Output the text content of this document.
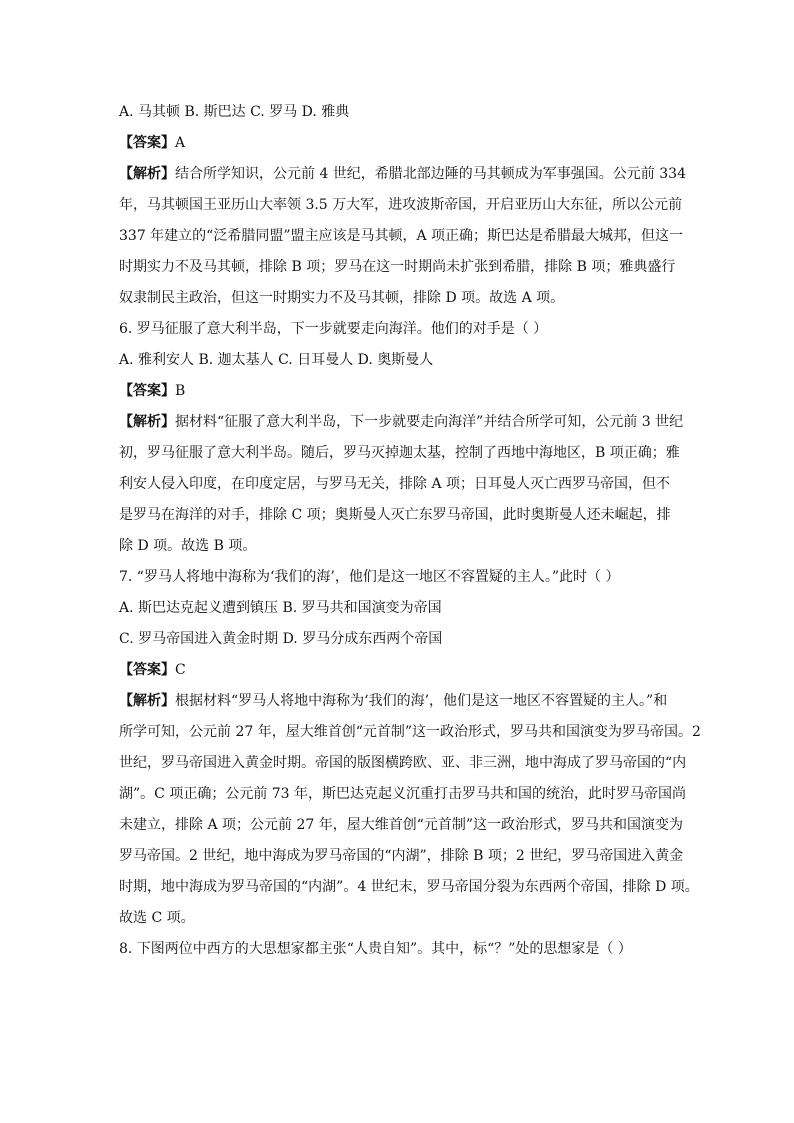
A. 马其顿 B. 斯巴达 C. 罗马 D. 雅典
【答案】A
【解析】结合所学知识，公元前 4 世纪，希腊北部边陲的马其顿成为军事强国。公元前 334
年，马其顿国王亚历山大率领 3.5 万大军，进攻波斯帝国，开启亚历山大东征，所以公元前
337 年建立的“泛希腊同盟”盟主应该是马其顿，A 项正确；斯巴达是希腊最大城邦，但这一
时期实力不及马其顿，排除 B 项；罗马在这一时期尚未扩张到希腊，排除 B 项；雅典盛行
奴隶制民主政治，但这一时期实力不及马其顿，排除 D 项。故选 A 项。
6. 罗马征服了意大利半岛，下一步就要走向海洋。他们的对手是（ ）
A. 雅利安人 B. 迦太基人 C. 日耳曼人 D. 奥斯曼人
【答案】B
【解析】据材料“征服了意大利半岛，下一步就要走向海洋”并结合所学可知，公元前 3 世纪
初，罗马征服了意大利半岛。随后，罗马灭掉迦太基，控制了西地中海地区，B 项正确；雅
利安人侵入印度，在印度定居，与罗马无关，排除 A 项；日耳曼人灭亡西罗马帝国，但不
是罗马在海洋的对手，排除 C 项；奥斯曼人灭亡东罗马帝国，此时奥斯曼人还未崛起，排
除 D 项。故选 B 项。
7. “罗马人将地中海称为‘我们的海’，他们是这一地区不容置疑的主人。”此时（ ）
A. 斯巴达克起义遭到镇压 B. 罗马共和国演变为帝国
C. 罗马帝国进入黄金时期 D. 罗马分成东西两个帝国
【答案】C
【解析】根据材料“罗马人将地中海称为‘我们的海’，他们是这一地区不容置疑的主人。”和
所学可知，公元前 27 年，屋大维首创“元首制”这一政治形式，罗马共和国演变为罗马帝国。2
世纪，罗马帝国进入黄金时期。帝国的版图横跨欧、亚、非三洲，地中海成了罗马帝国的“内
湖”。C 项正确；公元前 73 年，斯巴达克起义沉重打击罗马共和国的统治，此时罗马帝国尚
未建立，排除 A 项；公元前 27 年，屋大维首创“元首制”这一政治形式，罗马共和国演变为
罗马帝国。2 世纪，地中海成为罗马帝国的“内湖”，排除 B 项；2 世纪，罗马帝国进入黄金
时期，地中海成为罗马帝国的“内湖”。4 世纪末，罗马帝国分裂为东西两个帝国，排除 D 项。
故选 C 项。
8. 下图两位中西方的大思想家都主张“人贵自知”。其中，标“？”处的思想家是（ ）
